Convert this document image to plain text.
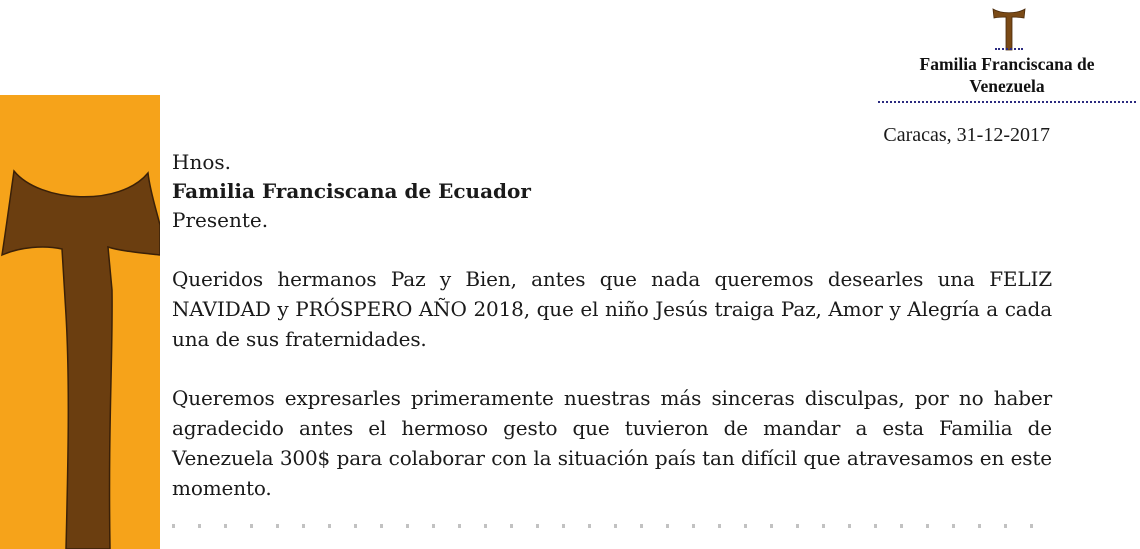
Familia Franciscana de
Venezuela
Caracas, 31-12-2017

Hnos.

Familia Franciscana de Ecuador

Presente.

Queridos hermanos Paz y Bien, antes que nada queremos desearles una FELIZ NAVIDAD y PRÓSPERO AÑO 2018, que el niño Jesús traiga Paz, Amor y Alegría a cada una de sus fraternidades.

Queremos expresarles primeramente nuestras más sinceras disculpas, por no haber agradecido antes el hermoso gesto que tuvieron de mandar a esta Familia de Venezuela 300$ para colaborar con la situación país tan difícil que atravesamos en este momento.
